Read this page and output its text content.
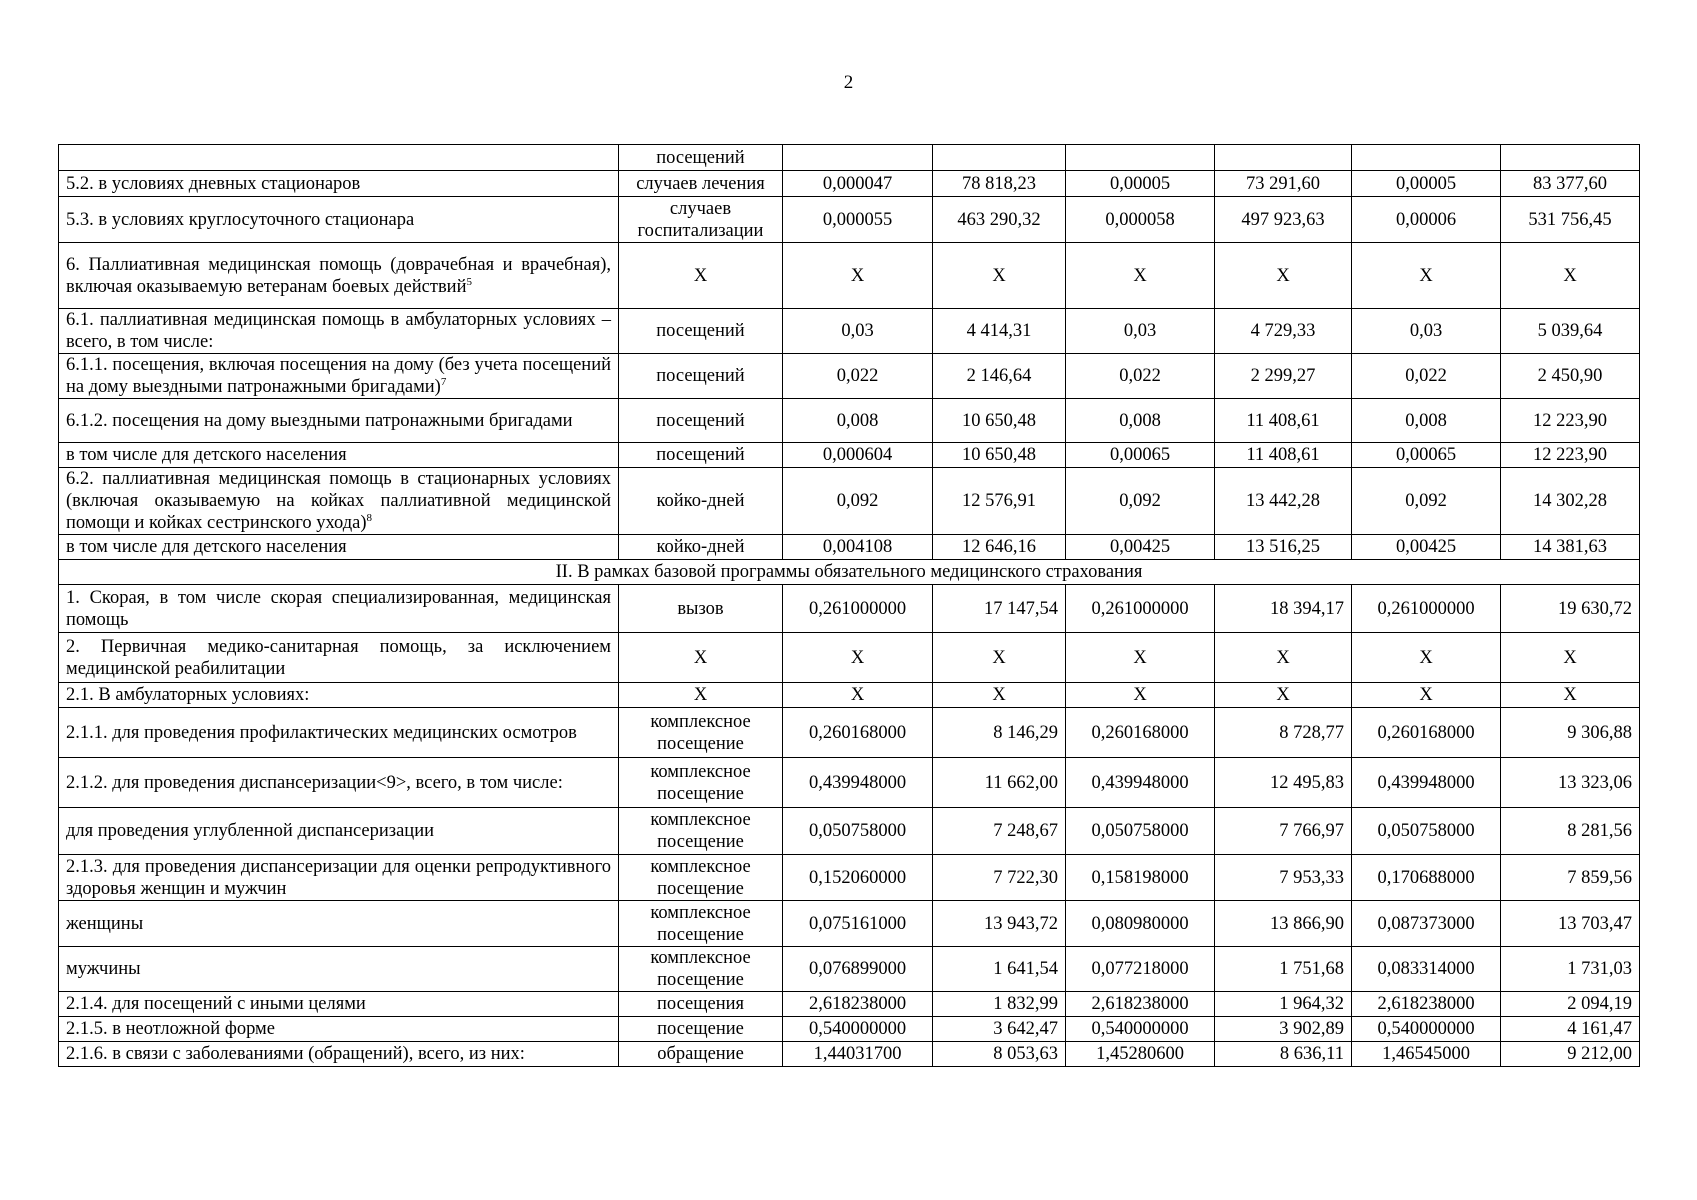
2
	посещений						
5.2. в условиях дневных стационаров	случаев лечения	0,000047	78 818,23	0,00005	73 291,60	0,00005	83 377,60
5.3. в условиях круглосуточного стационара	случаев госпитализации	0,000055	463 290,32	0,000058	497 923,63	0,00006	531 756,45
6. Паллиативная медицинская помощь (доврачебная и врачебная), включая оказываемую ветеранам боевых действий$^5$	X	X	X	X	X	X	X
6.1. паллиативная медицинская помощь в амбулаторных условиях – всего, в том числе:	посещений	0,03	4 414,31	0,03	4 729,33	0,03	5 039,64
6.1.1. посещения, включая посещения на дому (без учета посещений на дому выездными патронажными бригадами)$^7$	посещений	0,022	2 146,64	0,022	2 299,27	0,022	2 450,90
6.1.2. посещения на дому выездными патронажными бригадами	посещений	0,008	10 650,48	0,008	11 408,61	0,008	12 223,90
в том числе для детского населения	посещений	0,000604	10 650,48	0,00065	11 408,61	0,00065	12 223,90
6.2. паллиативная медицинская помощь в стационарных условиях (включая оказываемую на койках паллиативной медицинской помощи и койках сестринского ухода)$^8$	койко-дней	0,092	12 576,91	0,092	13 442,28	0,092	14 302,28
в том числе для детского населения	койко-дней	0,004108	12 646,16	0,00425	13 516,25	0,00425	14 381,63
II. В рамках базовой программы обязательного медицинского страхования							
1. Скорая, в том числе скорая специализированная, медицинская помощь	вызов	0,261000000	17 147,54	0,261000000	18 394,17	0,261000000	19 630,72
2. Первичная медико-санитарная помощь, за исключением медицинской реабилитации	X	X	X	X	X	X	X
2.1. В амбулаторных условиях:	X	X	X	X	X	X	X
2.1.1. для проведения профилактических медицинских осмотров	комплексное посещение	0,260168000	8 146,29	0,260168000	8 728,77	0,260168000	9 306,88
2.1.2. для проведения диспансеризации<9>, всего, в том числе:	комплексное посещение	0,439948000	11 662,00	0,439948000	12 495,83	0,439948000	13 323,06
для проведения углубленной диспансеризации	комплексное посещение	0,050758000	7 248,67	0,050758000	7 766,97	0,050758000	8 281,56
2.1.3. для проведения диспансеризации для оценки репродуктивного здоровья женщин и мужчин	комплексное посещение	0,152060000	7 722,30	0,158198000	7 953,33	0,170688000	7 859,56
женщины	комплексное посещение	0,075161000	13 943,72	0,080980000	13 866,90	0,087373000	13 703,47
мужчины	комплексное посещение	0,076899000	1 641,54	0,077218000	1 751,68	0,083314000	1 731,03
2.1.4. для посещений с иными целями	посещения	2,618238000	1 832,99	2,618238000	1 964,32	2,618238000	2 094,19
2.1.5. в неотложной форме	посещение	0,540000000	3 642,47	0,540000000	3 902,89	0,540000000	4 161,47
2.1.6. в связи с заболеваниями (обращений), всего, из них:	обращение	1,44031700	8 053,63	1,45280600	8 636,11	1,46545000	9 212,00
